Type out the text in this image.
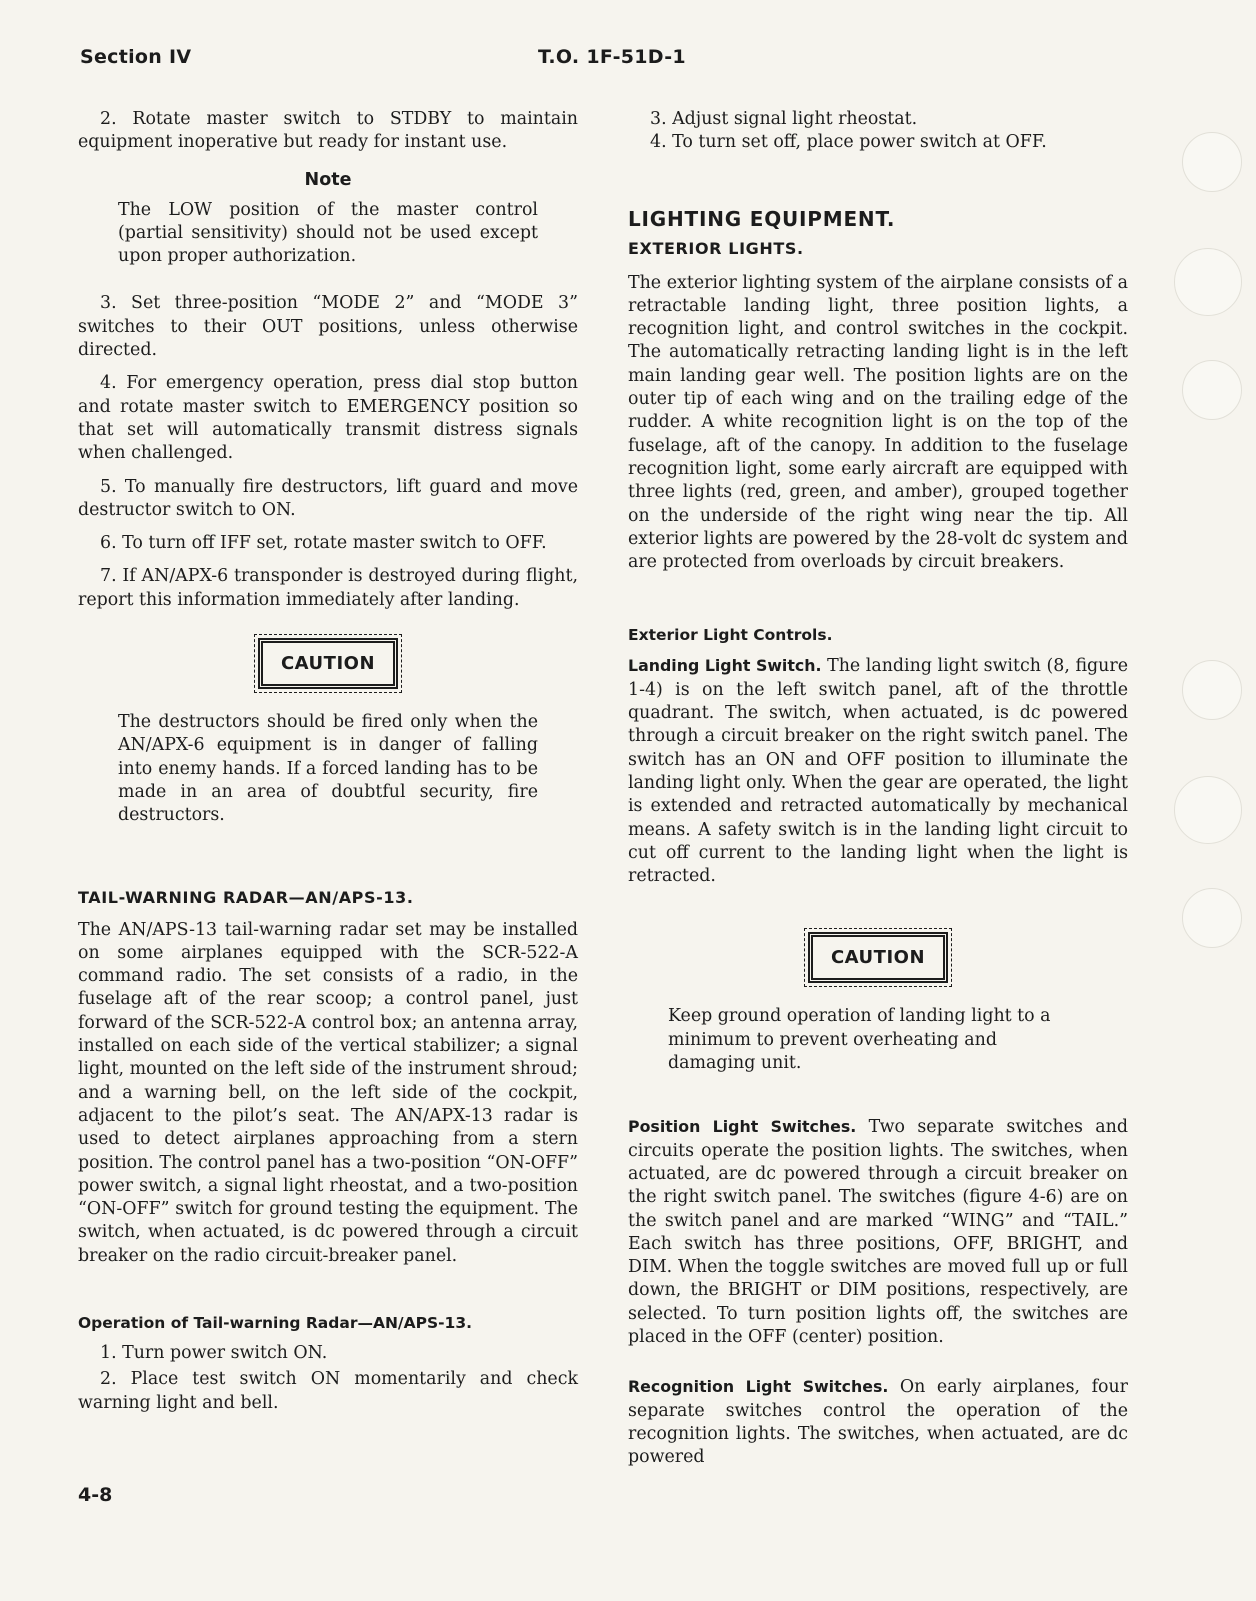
Section IV	T.O. 1F-51D-1

2. Rotate master switch to STDBY to maintain equipment inoperative but ready for instant use.

Note

The LOW position of the master control (partial sensitivity) should not be used except upon proper authorization.

3. Set three-position “MODE 2” and “MODE 3” switches to their OUT positions, unless otherwise directed.

4. For emergency operation, press dial stop button and rotate master switch to EMERGENCY position so that set will automatically transmit distress signals when challenged.

5. To manually fire destructors, lift guard and move destructor switch to ON.

6. To turn off IFF set, rotate master switch to OFF.

7. If AN/APX-6 transponder is destroyed during flight, report this information immediately after landing.

CAUTION

The destructors should be fired only when the AN/APX-6 equipment is in danger of falling into enemy hands. If a forced landing has to be made in an area of doubtful security, fire destructors.

TAIL-WARNING RADAR—AN/APS-13.

The AN/APS-13 tail-warning radar set may be installed on some airplanes equipped with the SCR-522-A command radio. The set consists of a radio, in the fuselage aft of the rear scoop; a control panel, just forward of the SCR-522-A control box; an antenna array, installed on each side of the vertical stabilizer; a signal light, mounted on the left side of the instrument shroud; and a warning bell, on the left side of the cockpit, adjacent to the pilot’s seat. The AN/APX-13 radar is used to detect airplanes approaching from a stern position. The control panel has a two-position “ON-OFF” power switch, a signal light rheostat, and a two-position “ON-OFF” switch for ground testing the equipment. The switch, when actuated, is dc powered through a circuit breaker on the radio circuit-breaker panel.

Operation of Tail-warning Radar—AN/APS-13.

1. Turn power switch ON.

2. Place test switch ON momentarily and check warning light and bell.

3. Adjust signal light rheostat.

4. To turn set off, place power switch at OFF.

LIGHTING EQUIPMENT.
EXTERIOR LIGHTS.

The exterior lighting system of the airplane consists of a retractable landing light, three position lights, a recognition light, and control switches in the cockpit. The automatically retracting landing light is in the left main landing gear well. The position lights are on the outer tip of each wing and on the trailing edge of the rudder. A white recognition light is on the top of the fuselage, aft of the canopy. In addition to the fuselage recognition light, some early aircraft are equipped with three lights (red, green, and amber), grouped together on the underside of the right wing near the tip. All exterior lights are powered by the 28-volt dc system and are protected from overloads by circuit breakers.

Exterior Light Controls.

Landing Light Switch. The landing light switch (8, figure 1-4) is on the left switch panel, aft of the throttle quadrant. The switch, when actuated, is dc powered through a circuit breaker on the right switch panel. The switch has an ON and OFF position to illuminate the landing light only. When the gear are operated, the light is extended and retracted automatically by mechanical means. A safety switch is in the landing light circuit to cut off current to the landing light when the light is retracted.

CAUTION

Keep ground operation of landing light to a minimum to prevent overheating and damaging unit.

Position Light Switches. Two separate switches and circuits operate the position lights. The switches, when actuated, are dc powered through a circuit breaker on the right switch panel. The switches (figure 4-6) are on the switch panel and are marked “WING” and “TAIL.” Each switch has three positions, OFF, BRIGHT, and DIM. When the toggle switches are moved full up or full down, the BRIGHT or DIM positions, respectively, are selected. To turn position lights off, the switches are placed in the OFF (center) position.

Recognition Light Switches. On early airplanes, four separate switches control the operation of the recognition lights. The switches, when actuated, are dc powered

4-8
